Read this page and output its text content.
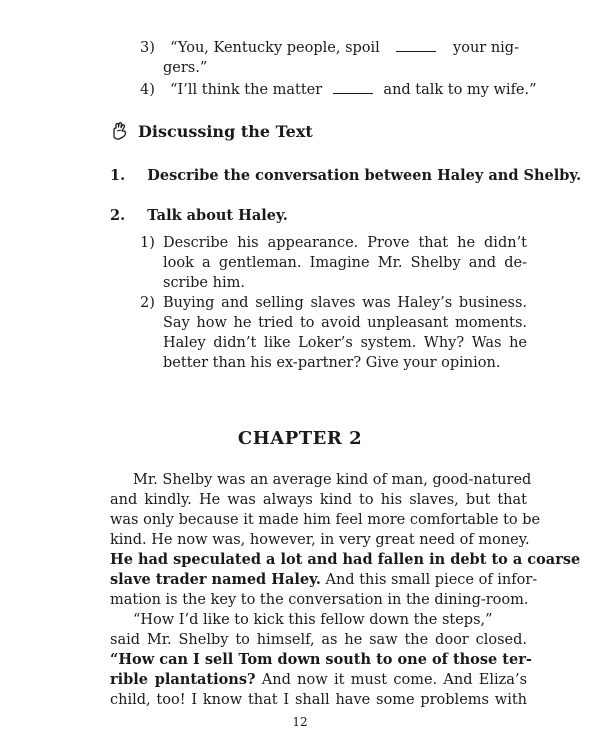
3) “You, Kentucky people, spoil	your nig-
gers.”
4) “I’ll think the matter	and talk to my wife.”
Discussing the Text
1. Describe the conversation between Haley and Shelby.
2. Talk about Haley.
1) Describe his appearance. Prove that he didn’t
look a gentleman. Imagine Mr. Shelby and de-
scribe him.
2) Buying and selling slaves was Haley’s business.
Say how he tried to avoid unpleasant moments.
Haley didn’t like Loker’s system. Why? Was he
better than his ex-partner? Give your opinion.
CHAPTER 2
Mr. Shelby was an average kind of man, good-natured
and kindly. He was always kind to his slaves, but that
was only because it made him feel more comfortable to be
kind. He now was, however, in very great need of money.
He had speculated a lot and had fallen in debt to a coarse
slave trader named Haley. And this small piece of infor-
mation is the key to the conversation in the dining-room.
“How I’d like to kick this fellow down the steps,”
said Mr. Shelby to himself, as he saw the door closed.
“How can I sell Tom down south to one of those ter-
rible plantations? And now it must come. And Eliza’s
child, too! I know that I shall have some problems with
12
